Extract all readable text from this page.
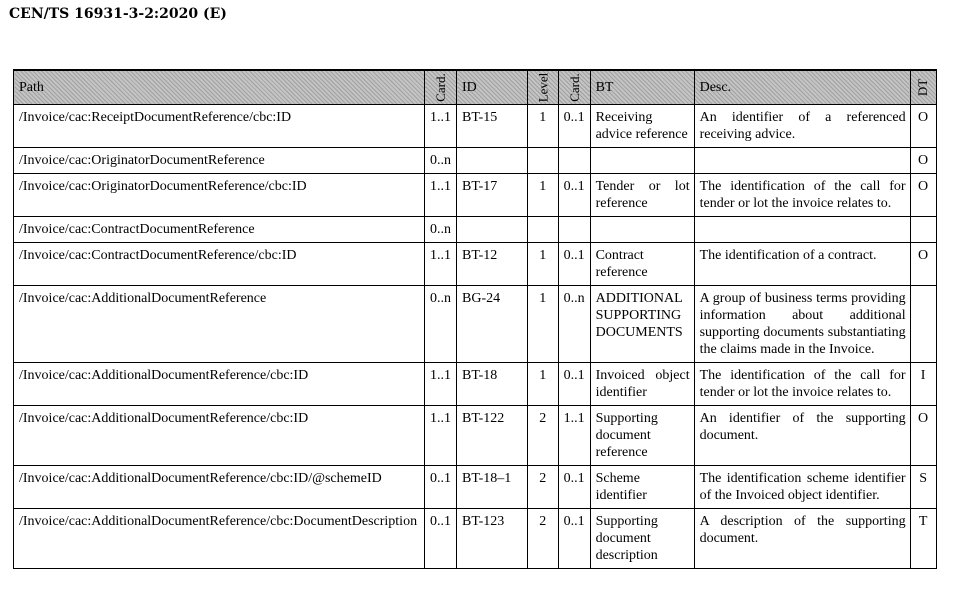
CEN/TS 16931-3-2:2020 (E)
Path	Card.	ID	Level	Card.	BT	Desc.	DT
/Invoice/cac:ReceiptDocumentReference/cbc:ID	1..1	BT-15	1	0..1	Receiving advice reference	An identifier of a referenced receiving advice.	O
/Invoice/cac:OriginatorDocumentReference	0..n						O
/Invoice/cac:OriginatorDocumentReference/cbc:ID	1..1	BT-17	1	0..1	Tender or lot reference	The identification of the call for tender or lot the invoice relates to.	O
/Invoice/cac:ContractDocumentReference	0..n						
/Invoice/cac:ContractDocumentReference/cbc:ID	1..1	BT-12	1	0..1	Contract reference	The identification of a contract.	O
/Invoice/cac:AdditionalDocumentReference	0..n	BG-24	1	0..n	ADDITIONAL SUPPORTING DOCUMENTS	A group of business terms providing information about additional supporting documents substantiating the claims made in the Invoice.	
/Invoice/cac:AdditionalDocumentReference/cbc:ID	1..1	BT-18	1	0..1	Invoiced object identifier	The identification of the call for tender or lot the invoice relates to.	I
/Invoice/cac:AdditionalDocumentReference/cbc:ID	1..1	BT-122	2	1..1	Supporting document reference	An identifier of the supporting document.	O
/Invoice/cac:AdditionalDocumentReference/cbc:ID/@schemeID	0..1	BT-18–1	2	0..1	Scheme identifier	The identification scheme identifier of the Invoiced object identifier.	S
/Invoice/cac:AdditionalDocumentReference/cbc:DocumentDescription	0..1	BT-123	2	0..1	Supporting document description	A description of the supporting document.	T
